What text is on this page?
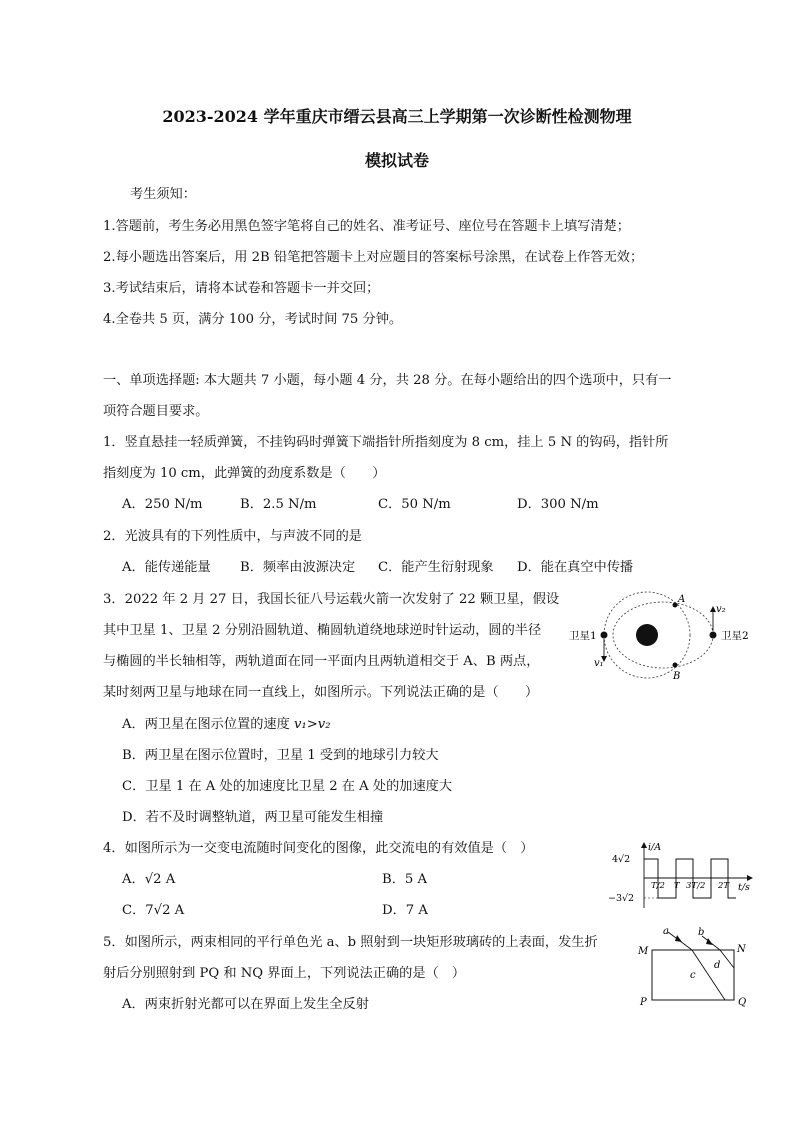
2023-2024 学年重庆市缙云县高三上学期第一次诊断性检测物理
模拟试卷
考生须知：
1.答题前，考生务必用黑色签字笔将自己的姓名、准考证号、座位号在答题卡上填写清楚；
2.每小题选出答案后，用 2B 铅笔把答题卡上对应题目的答案标号涂黑，在试卷上作答无效；
3.考试结束后，请将本试卷和答题卡一并交回；
4.全卷共 5 页，满分 100 分，考试时间 75 分钟。
一、单项选择题: 本大题共 7 小题，每小题 4 分，共 28 分。在每小题给出的四个选项中，只有一
项符合题目要求。
1．竖直悬挂一轻质弹簧，不挂钩码时弹簧下端指针所指刻度为 8 cm，挂上 5 N 的钩码，指针所
指刻度为 10 cm，此弹簧的劲度系数是（　　）
A．250 N/m	B．2.5 N/m	C．50 N/m	D．300 N/m
2．光波具有的下列性质中，与声波不同的是
A．能传递能量 B．频率由波源决定 C．能产生衍射现象 D．能在真空中传播
3．2022 年 2 月 27 日，我国长征八号运载火箭一次发射了 22 颗卫星，假设
其中卫星 1、卫星 2 分别沿圆轨道、椭圆轨道绕地球逆时针运动，圆的半径
与椭圆的半长轴相等，两轨道面在同一平面内且两轨道相交于 A、B 两点，
某时刻两卫星与地球在同一直线上，如图所示。下列说法正确的是（　　）
A．两卫星在图示位置的速度 v₁>v₂
B．两卫星在图示位置时，卫星 1 受到的地球引力较大
C．卫星 1 在 A 处的加速度比卫星 2 在 A 处的加速度大
D．若不及时调整轨道，两卫星可能发生相撞
卫星1	卫星2
A
B
v₁
v₂
4．如图所示为一交变电流随时间变化的图像，此交流电的有效值是（　）
A．√2 A	B．5 A
C．7√2 A	D．7 A
i/A
t/s
4√2
−3√2
T/2 T 3T/2 2T
5．如图所示，两束相同的平行单色光 a、b 照射到一块矩形玻璃砖的上表面，发生折
射后分别照射到 PQ 和 NQ 界面上，下列说法正确的是（　）
A．两束折射光都可以在界面上发生全反射
M	N
P	Q
a	b
c
d
